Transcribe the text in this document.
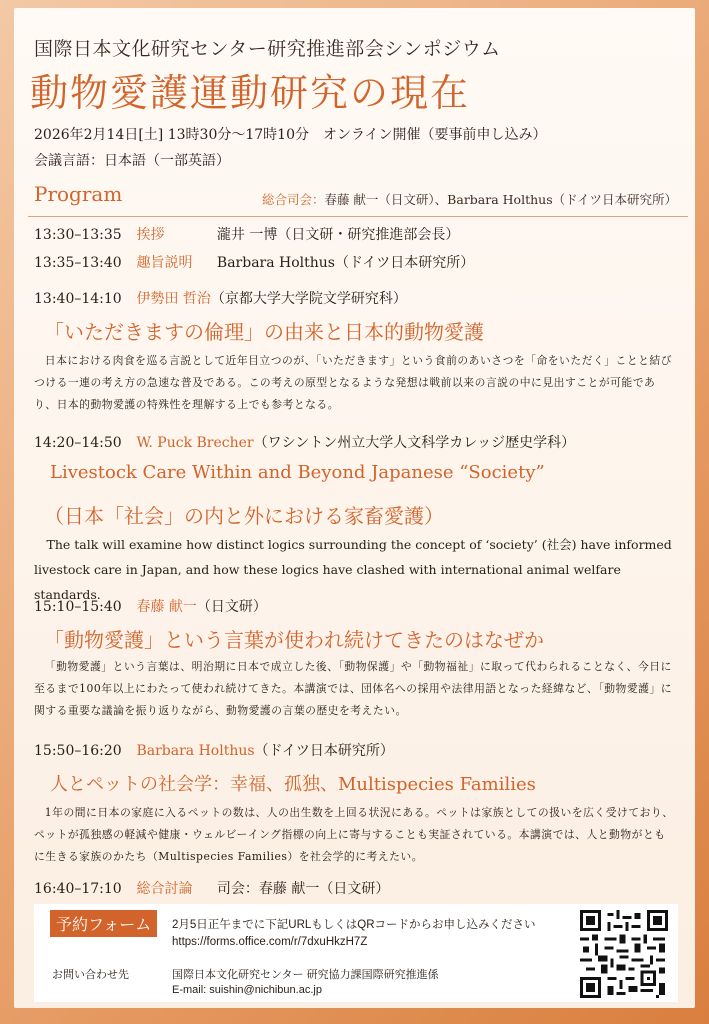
国際日本文化研究センター研究推進部会シンポジウム
動物愛護運動研究の現在
2026年2月14日[土] 13時30分〜17時10分　オンライン開催（要事前申し込み）
会議言語：日本語（一部英語）
Program	総合司会：春藤 献一（日文研）、Barbara Holthus（ドイツ日本研究所）
13:30–13:35 挨拶	瀧井 一博（日文研・研究推進部会長）
13:35–13:40 趣旨説明 Barbara Holthus（ドイツ日本研究所）
13:40–14:10 伊勢田 哲治（京都大学大学院文学研究科）
「いただきますの倫理」の由来と日本的動物愛護
日本における肉食を巡る言説として近年目立つのが、「いただきます」という食前のあいさつを「命をいただく」ことと結びつける一連の考え方の急速な普及である。この考えの原型となるような発想は戦前以来の言説の中に見出すことが可能であり、日本的動物愛護の特殊性を理解する上でも参考となる。
14:20–14:50 W. Puck Brecher（ワシントン州立大学人文科学カレッジ歴史学科）
Livestock Care Within and Beyond Japanese “Society”
（日本「社会」の内と外における家畜愛護）
The talk will examine how distinct logics surrounding the concept of ‘society’ (社会) have informed livestock care in Japan, and how these logics have clashed with international animal welfare standards.
15:10–15:40 春藤 献一（日文研）
「動物愛護」という言葉が使われ続けてきたのはなぜか
「動物愛護」という言葉は、明治期に日本で成立した後、「動物保護」や「動物福祉」に取って代わられることなく、今日に至るまで100年以上にわたって使われ続けてきた。本講演では、団体名への採用や法律用語となった経緯など、「動物愛護」に関する重要な議論を振り返りながら、動物愛護の言葉の歴史を考えたい。
15:50–16:20 Barbara Holthus（ドイツ日本研究所）
人とペットの社会学：幸福、孤独、Multispecies Families
1年の間に日本の家庭に入るペットの数は、人の出生数を上回る状況にある。ペットは家族としての扱いを広く受けており、ペットが孤独感の軽減や健康・ウェルビーイング指標の向上に寄与することも実証されている。本講演では、人と動物がともに生きる家族のかたち（Multispecies Families）を社会学的に考えたい。
16:40–17:10 総合討論 司会：春藤 献一（日文研）
予約フォーム	2月5日正午までに下記URLもしくはQRコードからお申し込みください
https://forms.office.com/r/7dxuHkzH7Z
お問い合わせ先	国際日本文化研究センター 研究協力課国際研究推進係
E-mail: suishin@nichibun.ac.jp
